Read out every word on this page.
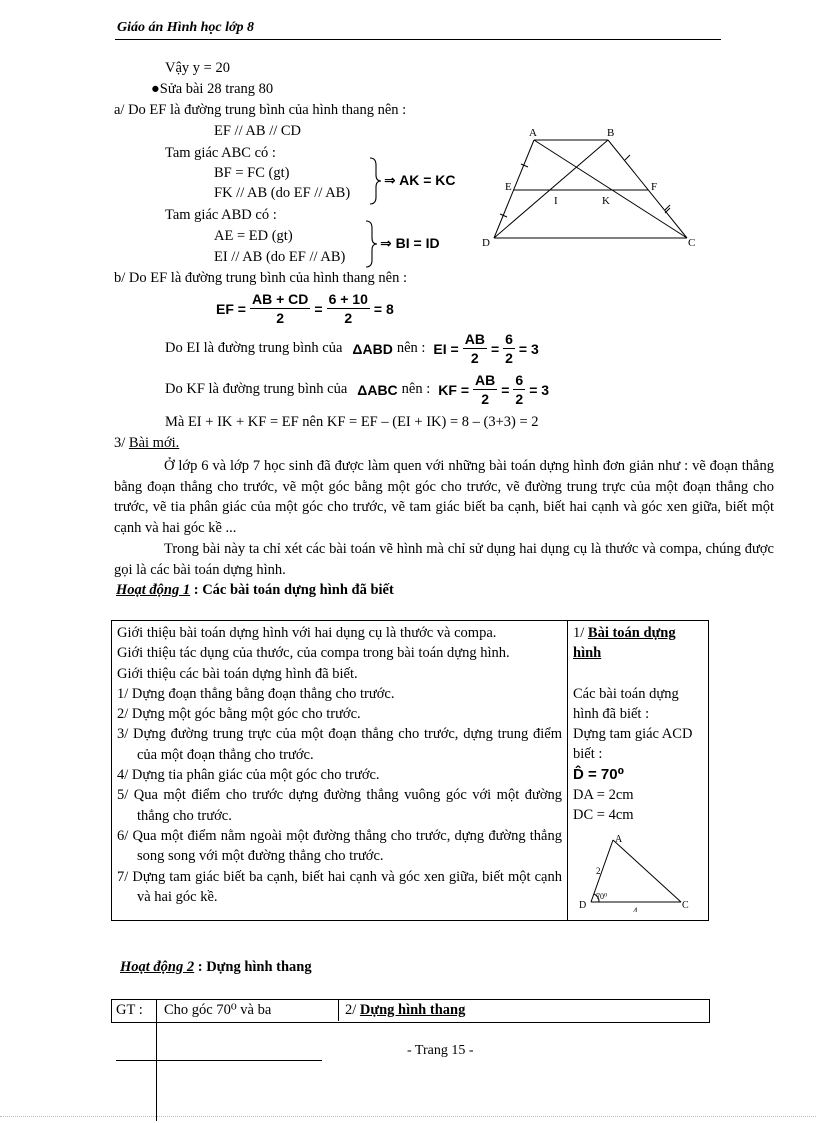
Giáo án Hình học lớp 8
Vậy y = 20
●Sửa bài 28 trang 80
a/ Do EF là đường trung bình của hình thang nên :
EF // AB // CD
Tam giác ABC có :
BF = FC (gt)
FK // AB (do EF // AB)
⇒ AK = KC
Tam giác ABD có :
AE = ED (gt)
EI // AB (do EF // AB)
⇒ BI = ID
b/ Do EF là đường trung bình của hình thang nên :
EF = $\frac{AB + CD}{2} = \frac{6 + 10}{2} = 8$
Do EI là đường trung bình của ΔABD nên : EI = $\frac{AB}{2} = \frac{6}{2} = 3$
Do KF là đường trung bình của ΔABC nên : KF = $\frac{AB}{2} = \frac{6}{2} = 3$
Mà EI + IK + KF = EF nên KF = EF – (EI + IK) = 8 – (3+3) = 2
3/ Bài mới.
Ở lớp 6 và lớp 7 học sinh đã được làm quen với những bài toán dựng hình đơn giản như : vẽ đoạn thẳng bằng đoạn thẳng cho trước, vẽ một góc bằng một góc cho trước, vẽ đường trung trực của một đoạn thẳng cho trước, vẽ tia phân giác của một góc cho trước, vẽ tam giác biết ba cạnh, biết hai cạnh và góc xen giữa, biết một cạnh và hai góc kề ...
Trong bài này ta chỉ xét các bài toán vẽ hình mà chỉ sử dụng hai dụng cụ là thước và compa, chúng được gọi là các bài toán dựng hình.
A	B
E	F
I	K
D	C
Hoạt động 1 : Các bài toán dựng hình đã biết
Giới thiệu bài toán dựng hình với hai dụng cụ là thước và compa.
Giới thiệu tác dụng của thước, của compa trong bài toán dựng hình.
Giới thiệu các bài toán dựng hình đã biết.
1/ Dựng đoạn thẳng bằng đoạn thẳng cho trước.
2/ Dựng một góc bằng một góc cho trước.
3/ Dựng đường trung trực của một đoạn thẳng cho trước, dựng trung điểm của một đoạn thẳng cho trước.
4/ Dựng tia phân giác của một góc cho trước.
5/ Qua một điểm cho trước dựng đường thẳng vuông góc với một đường thẳng cho trước.
6/ Qua một điểm nằm ngoài một đường thẳng cho trước, dựng đường thẳng song song với một đường thẳng cho trước.
7/ Dựng tam giác biết ba cạnh, biết hai cạnh và góc xen giữa, biết một cạnh và hai góc kề.

1/ Bài toán dựng hình
Các bài toán dựng hình đã biết :
Dựng tam giác ACD biết :
D̂ = 70⁰
DA = 2cm
DC = 4cm
A
D	C
2
4
70⁰
Hoạt động 2 : Dựng hình thang
GT : Cho góc 70⁰ và ba	2/ Dựng hình thang
- Trang 15 -
